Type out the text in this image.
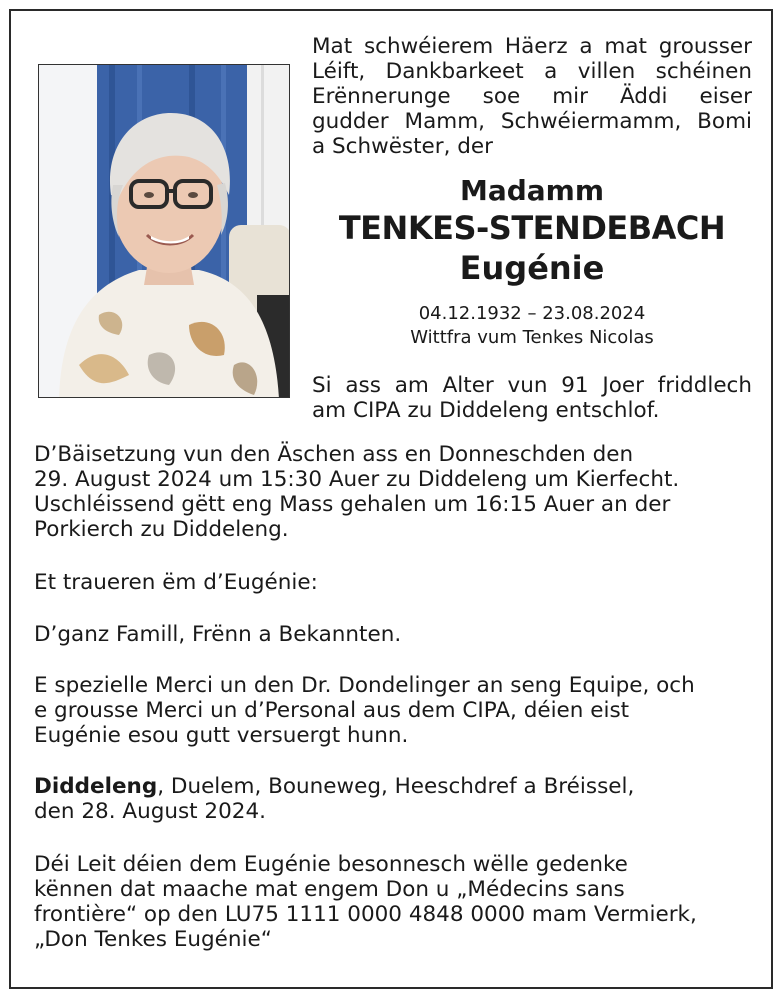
Mat schwéierem Häerz a mat grousser
Léift, Dankbarkeet a villen schéinen
Erënnerunge soe mir Äddi eiser
gudder Mamm, Schwéiermamm, Bomi
a Schwëster, der
Madamm
TENKES-STENDEBACH
Eugénie
04.12.1932 – 23.08.2024
Wittfra vum Tenkes Nicolas
Si ass am Alter vun 91 Joer friddlech
am CIPA zu Diddeleng entschlof.
D’Bäisetzung vun den Äschen ass en Donneschden den
29. August 2024 um 15:30 Auer zu Diddeleng um Kierfecht.
Uschléissend gëtt eng Mass gehalen um 16:15 Auer an der
Porkierch zu Diddeleng.
Et traueren ëm d’Eugénie:
D’ganz Famill, Frënn a Bekannten.
E spezielle Merci un den Dr. Dondelinger an seng Equipe, och
e grousse Merci un d’Personal aus dem CIPA, déien eist
Eugénie esou gutt versuergt hunn.
Diddeleng, Duelem, Bouneweg, Heeschdref a Bréissel,
den 28. August 2024.
Déi Leit déien dem Eugénie besonnesch wëlle gedenke
kënnen dat maache mat engem Don u „Médecins sans
frontière“ op den LU75 1111 0000 4848 0000 mam Vermierk,
„Don Tenkes Eugénie“
